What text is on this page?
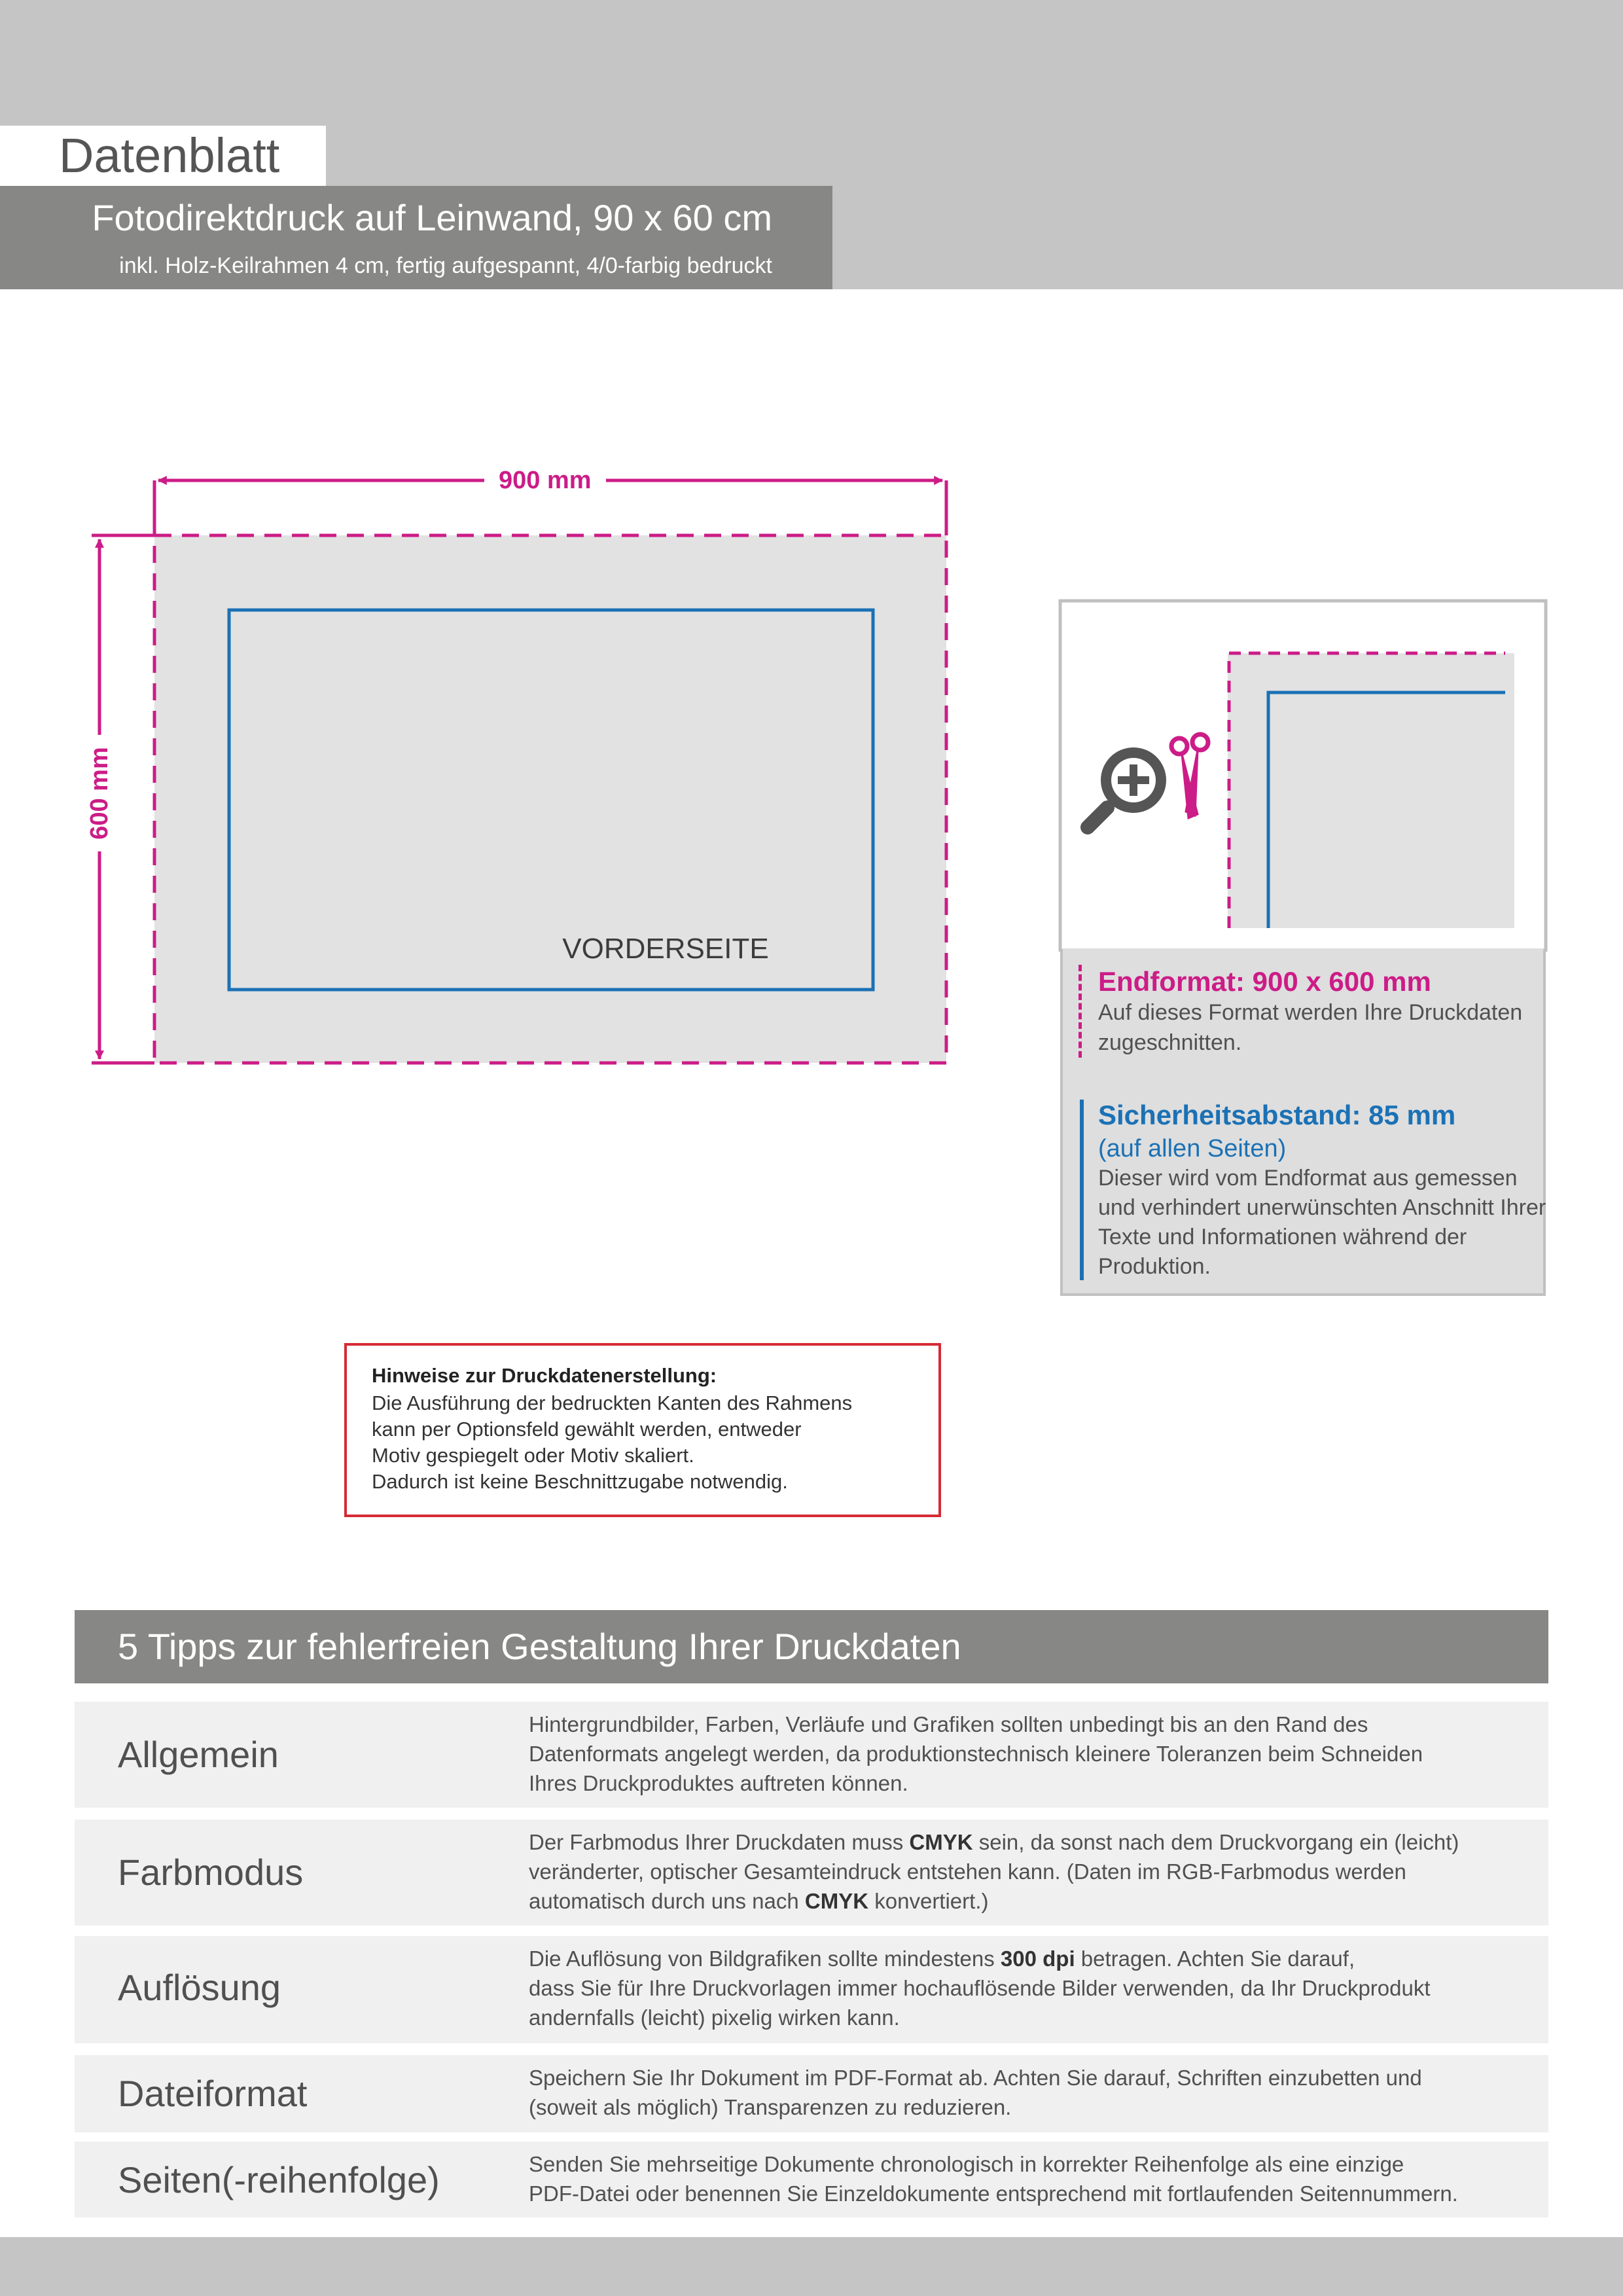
Datenblatt
Fotodirektdruck auf Leinwand, 90 x 60 cm
inkl. Holz-Keilrahmen 4 cm, fertig aufgespannt, 4/0-farbig bedruckt
900 mm
600 mm
VORDERSEITE
Endformat: 900 x 600 mm
Auf dieses Format werden Ihre Druckdaten zugeschnitten.
Sicherheitsabstand: 85 mm
(auf allen Seiten)
Dieser wird vom Endformat aus gemessen und verhindert unerwünschten Anschnitt Ihrer Texte und Informationen während der Produktion.
Hinweise zur Druckdatenerstellung:
Die Ausführung der bedruckten Kanten des Rahmens
kann per Optionsfeld gewählt werden, entweder
Motiv gespiegelt oder Motiv skaliert.
Dadurch ist keine Beschnittzugabe notwendig.
5 Tipps zur fehlerfreien Gestaltung Ihrer Druckdaten
Allgemein
Hintergrundbilder, Farben, Verläufe und Grafiken sollten unbedingt bis an den Rand des
Datenformats angelegt werden, da produktionstechnisch kleinere Toleranzen beim Schneiden
Ihres Druckproduktes auftreten können.
Farbmodus
Der Farbmodus Ihrer Druckdaten muss CMYK sein, da sonst nach dem Druckvorgang ein (leicht)
veränderter, optischer Gesamteindruck entstehen kann. (Daten im RGB-Farbmodus werden
automatisch durch uns nach CMYK konvertiert.)
Auflösung
Die Auflösung von Bildgrafiken sollte mindestens 300 dpi betragen. Achten Sie darauf,
dass Sie für Ihre Druckvorlagen immer hochauflösende Bilder verwenden, da Ihr Druckprodukt
andernfalls (leicht) pixelig wirken kann.
Dateiformat	Speichern Sie Ihr Dokument im PDF-Format ab. Achten Sie darauf, Schriften einzubetten und
(soweit als möglich) Transparenzen zu reduzieren.
Seiten(-reihenfolge)	Senden Sie mehrseitige Dokumente chronologisch in korrekter Reihenfolge als eine einzige
PDF-Datei oder benennen Sie Einzeldokumente entsprechend mit fortlaufenden Seitennummern.
